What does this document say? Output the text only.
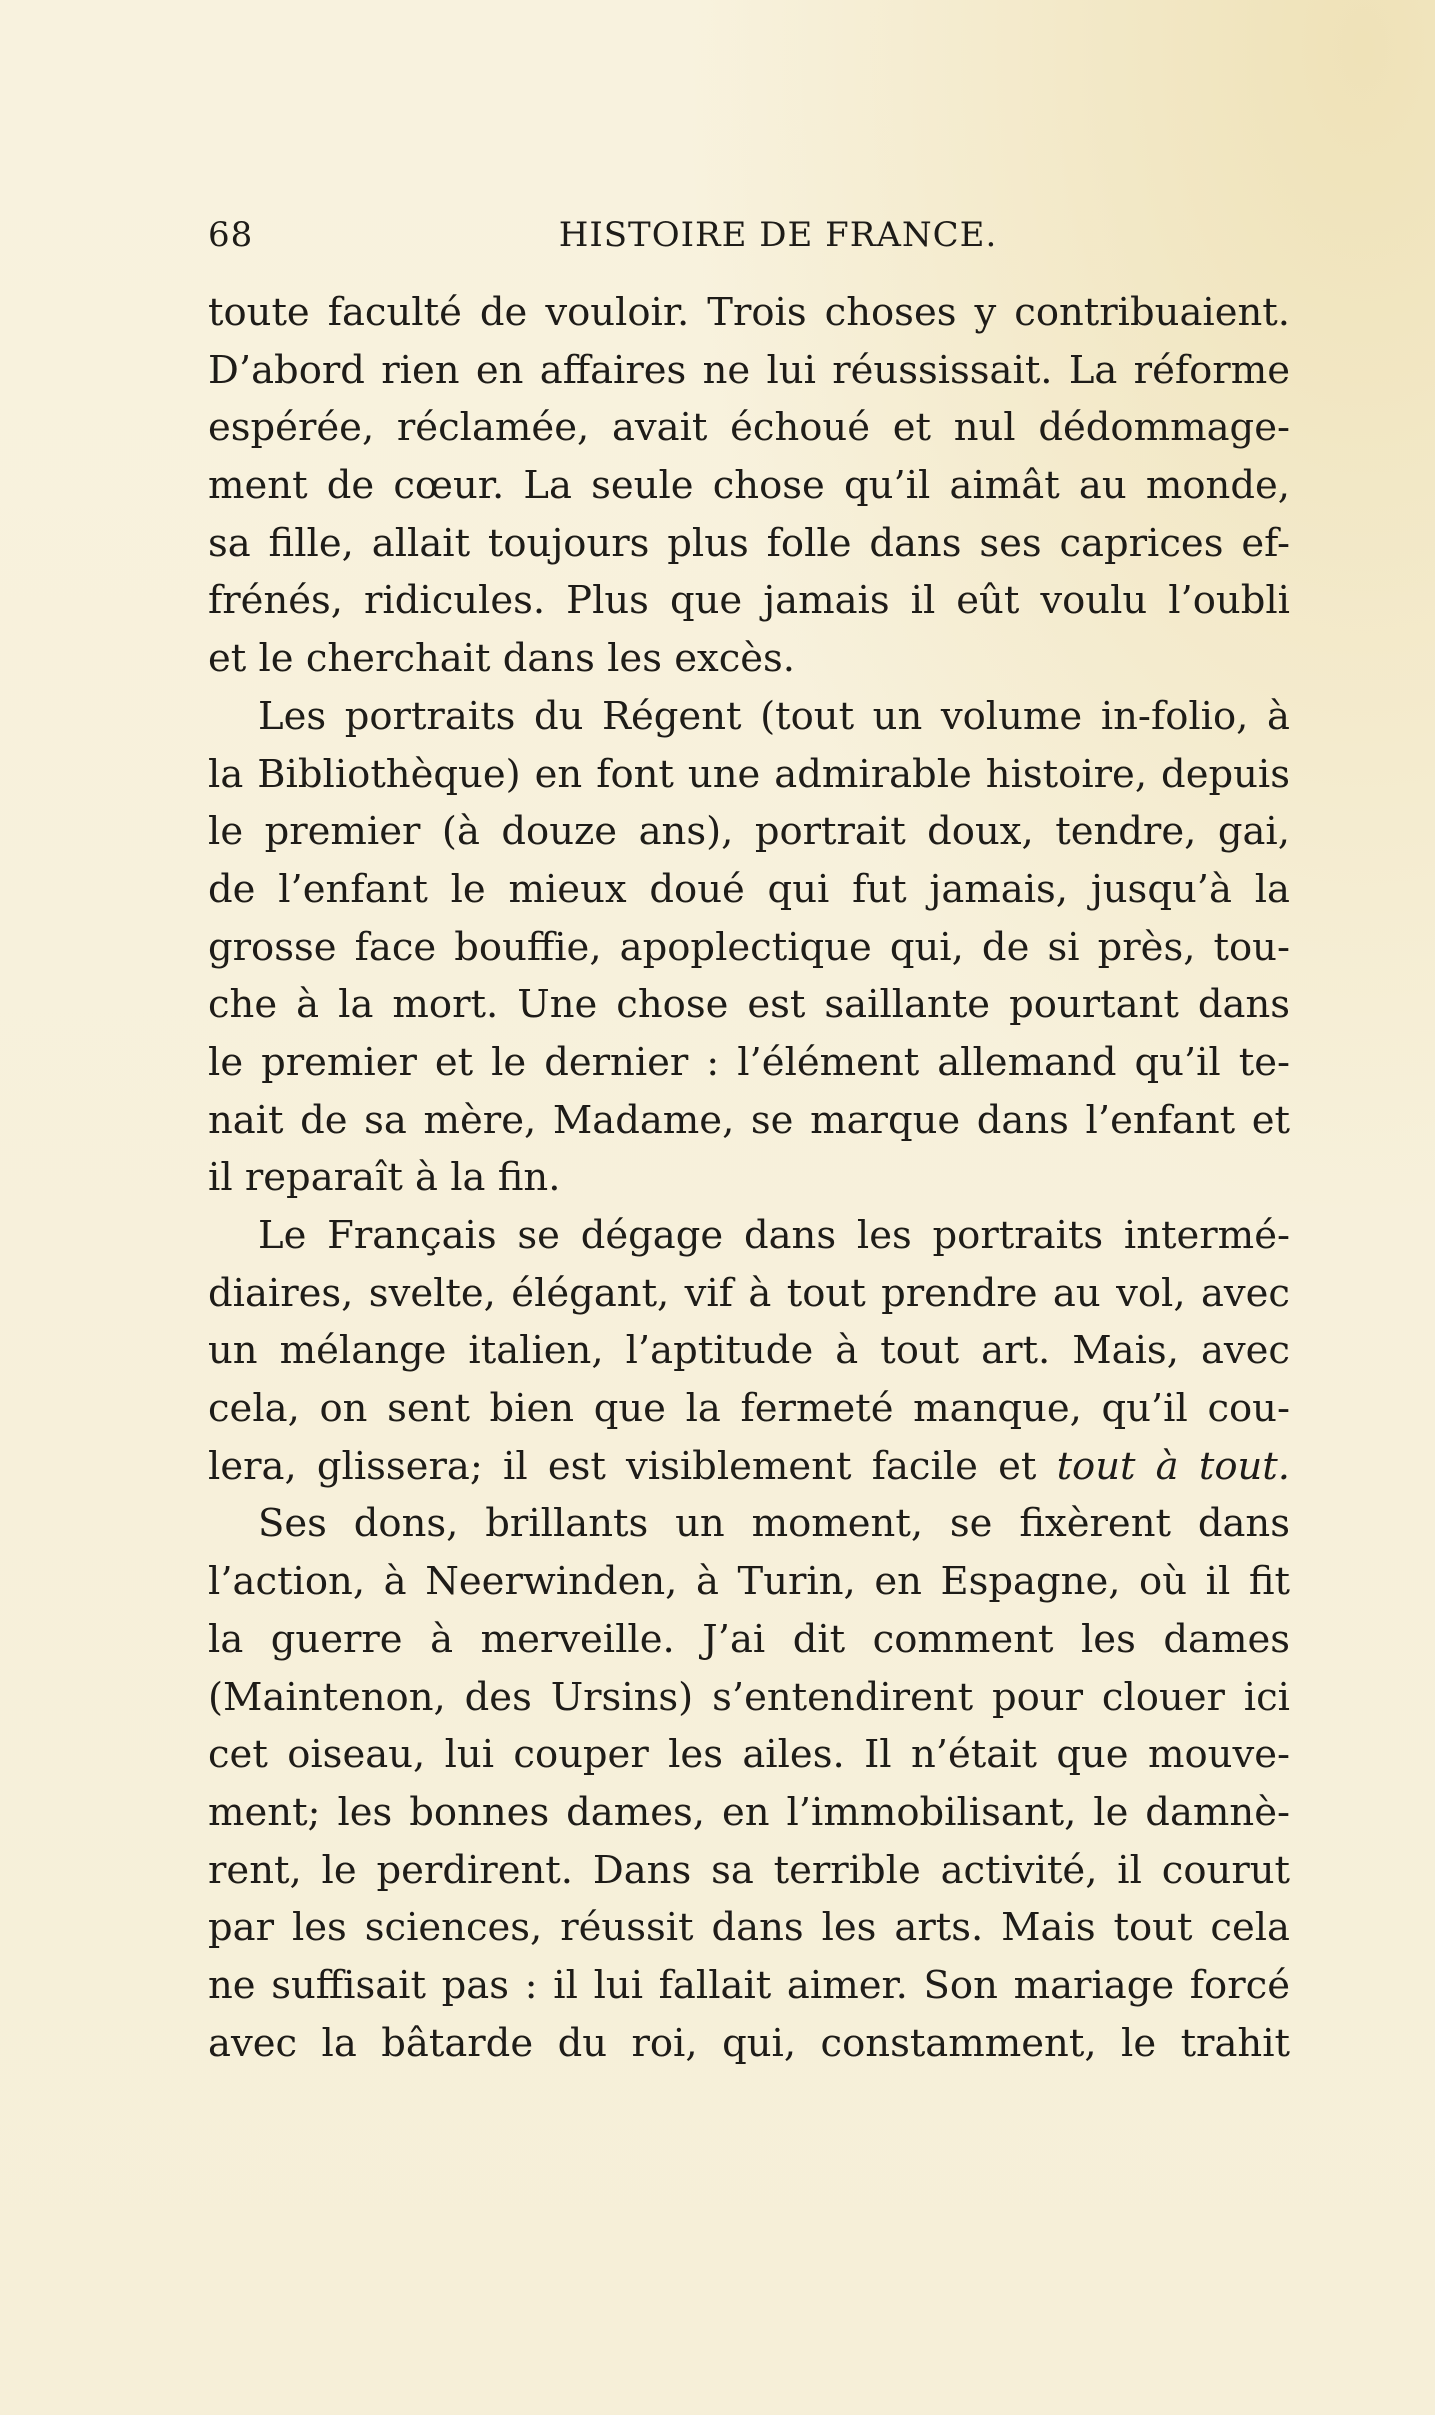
68	HISTOIRE DE FRANCE.
toute faculté de vouloir. Trois choses y contribuaient.
D’abord rien en affaires ne lui réussissait. La réforme
espérée, réclamée, avait échoué et nul dédommage-
ment de cœur. La seule chose qu’il aimât au monde,
sa fille, allait toujours plus folle dans ses caprices ef-
frénés, ridicules. Plus que jamais il eût voulu l’oubli
et le cherchait dans les excès.
Les portraits du Régent (tout un volume in-folio, à
la Bibliothèque) en font une admirable histoire, depuis
le premier (à douze ans), portrait doux, tendre, gai,
de l’enfant le mieux doué qui fut jamais, jusqu’à la
grosse face bouffie, apoplectique qui, de si près, tou-
che à la mort. Une chose est saillante pourtant dans
le premier et le dernier : l’élément allemand qu’il te-
nait de sa mère, Madame, se marque dans l’enfant et
il reparaît à la fin.
Le Français se dégage dans les portraits intermé-
diaires, svelte, élégant, vif à tout prendre au vol, avec
un mélange italien, l’aptitude à tout art. Mais, avec
cela, on sent bien que la fermeté manque, qu’il cou-
lera, glissera; il est visiblement facile et tout à tout.
Ses dons, brillants un moment, se fixèrent dans
l’action, à Neerwinden, à Turin, en Espagne, où il fit
la guerre à merveille. J’ai dit comment les dames
(Maintenon, des Ursins) s’entendirent pour clouer ici
cet oiseau, lui couper les ailes. Il n’était que mouve-
ment; les bonnes dames, en l’immobilisant, le damnè-
rent, le perdirent. Dans sa terrible activité, il courut
par les sciences, réussit dans les arts. Mais tout cela
ne suffisait pas : il lui fallait aimer. Son mariage forcé
avec la bâtarde du roi, qui, constamment, le trahit
